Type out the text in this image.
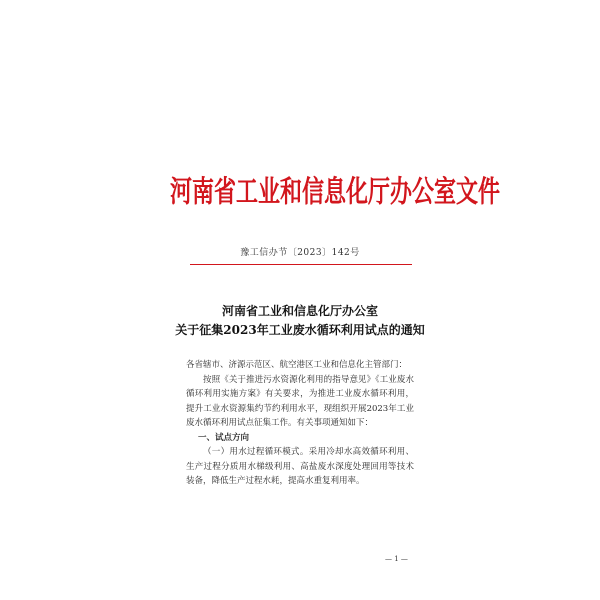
河南省工业和信息化厅办公室文件
豫工信办节〔2023〕142号
河南省工业和信息化厅办公室
关于征集2023年工业废水循环利用试点的通知

各省辖市、济源示范区、航空港区工业和信息化主管部门：

按照《关于推进污水资源化利用的指导意见》《工业废水循环利用实施方案》有关要求，为推进工业废水循环利用，提升工业水资源集约节约利用水平，现组织开展2023年工业废水循环利用试点征集工作。有关事项通知如下：

一、试点方向

（一）用水过程循环模式。采用冷却水高效循环利用、生产过程分质用水梯级利用、高盐废水深度处理回用等技术装备，降低生产过程水耗，提高水重复利用率。

— 1 —
